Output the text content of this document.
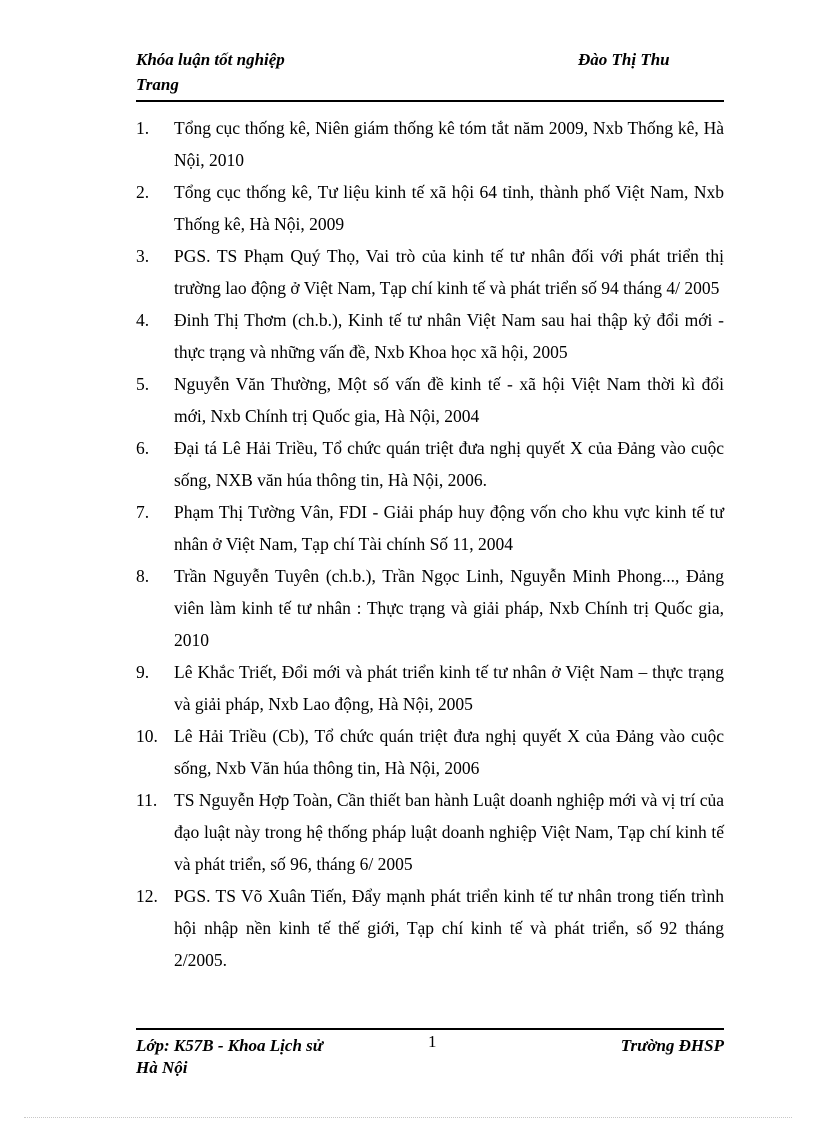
Khóa luận tốt nghiệp
Trang
Đào Thị Thu
1. Tổng cục thống kê, Niên giám thống kê tóm tắt năm 2009, Nxb Thống kê, Hà Nội, 2010
2. Tổng cục thống kê, Tư liệu kinh tế xã hội 64 tỉnh, thành phố Việt Nam, Nxb Thống kê, Hà Nội, 2009
3. PGS. TS Phạm Quý Thọ, Vai trò của kinh tế tư nhân đối với phát triển thị trường lao động ở Việt Nam, Tạp chí kinh tế và phát triển số 94 tháng 4/ 2005
4. Đinh Thị Thơm (ch.b.), Kinh tế tư nhân Việt Nam sau hai thập kỷ đổi mới - thực trạng và những vấn đề, Nxb Khoa học xã hội, 2005
5. Nguyễn Văn Thường, Một số vấn đề kinh tế - xã hội Việt Nam thời kì đổi mới, Nxb Chính trị Quốc gia, Hà Nội, 2004
6. Đại tá Lê Hải Triều, Tổ chức quán triệt đưa nghị quyết X của Đảng vào cuộc sống, NXB văn húa thông tin, Hà Nội, 2006.
7. Phạm Thị Tường Vân, FDI - Giải pháp huy động vốn cho khu vực kinh tế tư nhân ở Việt Nam, Tạp chí Tài chính Số 11, 2004
8. Trần Nguyễn Tuyên (ch.b.), Trần Ngọc Linh, Nguyễn Minh Phong..., Đảng viên làm kinh tế tư nhân : Thực trạng và giải pháp, Nxb Chính trị Quốc gia, 2010
9. Lê Khắc Triết, Đổi mới và phát triển kinh tế tư nhân ở Việt Nam – thực trạng và giải pháp, Nxb Lao động, Hà Nội, 2005
10. Lê Hải Triều (Cb), Tổ chức quán triệt đưa nghị quyết X của Đảng vào cuộc sống, Nxb Văn húa thông tin, Hà Nội, 2006
11. TS Nguyễn Hợp Toàn, Cần thiết ban hành Luật doanh nghiệp mới và vị trí của đạo luật này trong hệ thống pháp luật doanh nghiệp Việt Nam, Tạp chí kinh tế và phát triển, số 96, tháng 6/ 2005
12. PGS. TS Võ Xuân Tiến, Đẩy mạnh phát triển kinh tế tư nhân trong tiến trình hội nhập nền kinh tế thế giới, Tạp chí kinh tế và phát triển, số 92 tháng 2/2005.
Lớp: K57B - Khoa Lịch sử
Hà Nội
1	Trường ĐHSP
